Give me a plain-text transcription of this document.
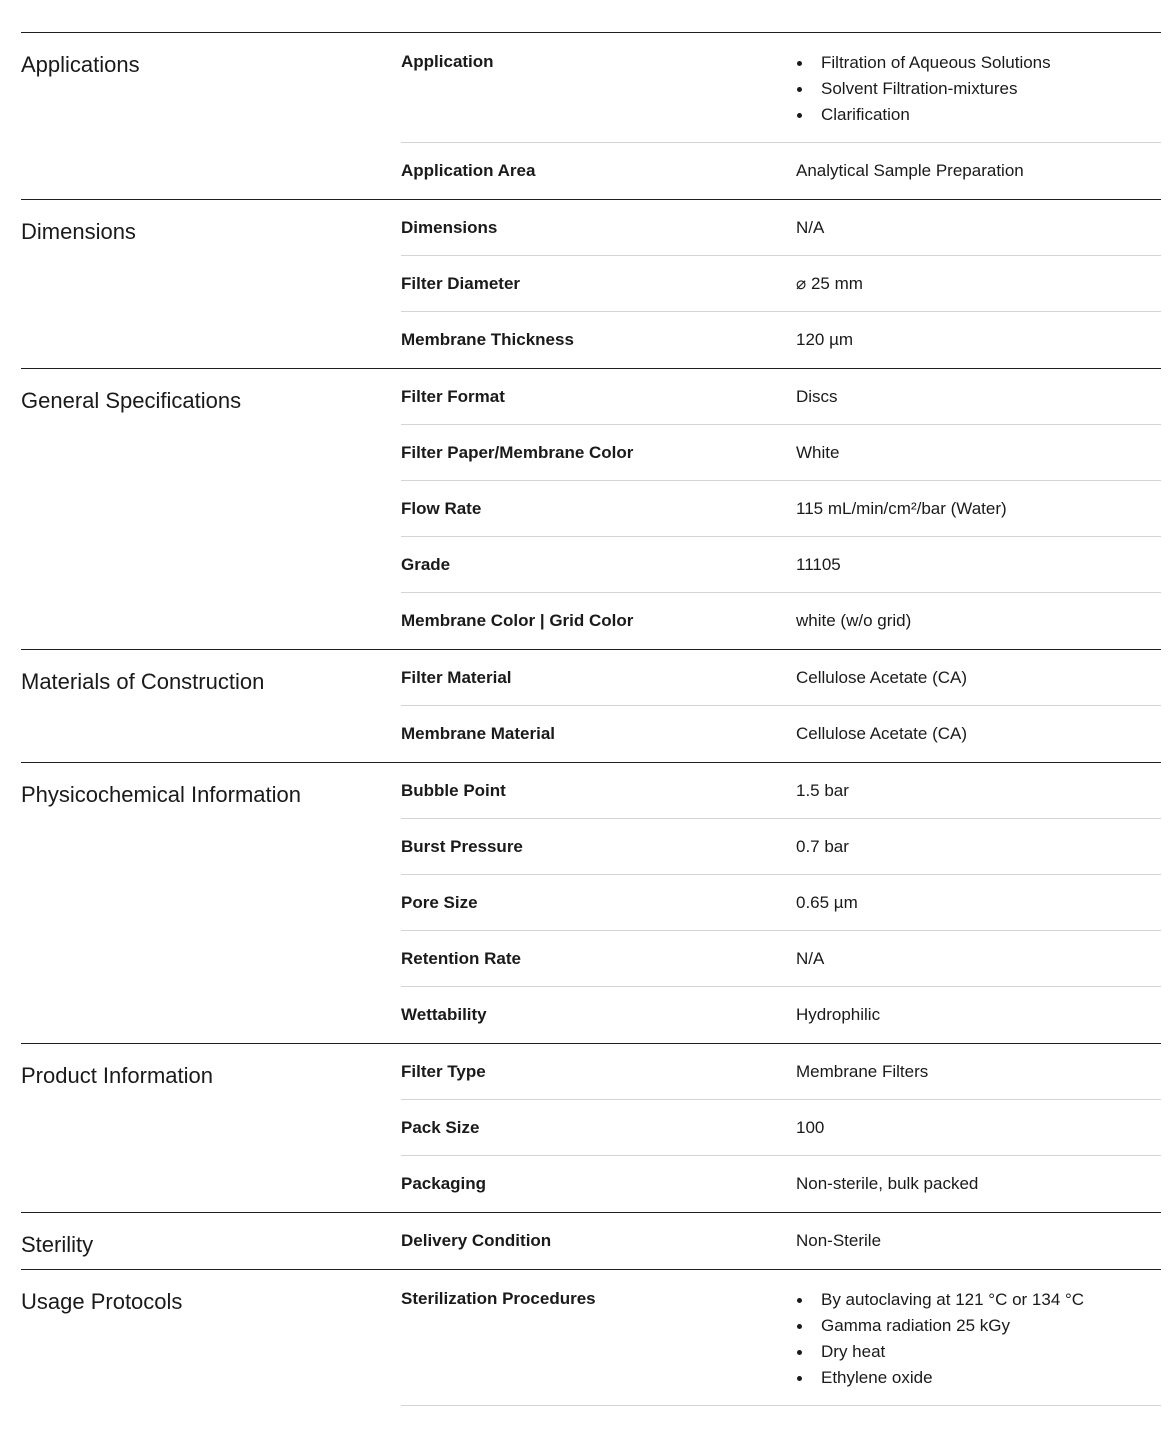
Applications	Application	Filtration of Aqueous Solutions
Solvent Filtration-mixtures
Clarification
Application Area	Analytical Sample Preparation
Dimensions	Dimensions	N/A
Filter Diameter	⌀ 25 mm
Membrane Thickness	120 µm
General Specifications	Filter Format	Discs
Filter Paper/Membrane Color	White
Flow Rate	115 mL/min/cm²/bar (Water)
Grade	11105
Membrane Color | Grid Color	white (w/o grid)
Materials of Construction	Filter Material	Cellulose Acetate (CA)
Membrane Material	Cellulose Acetate (CA)
Physicochemical Information	Bubble Point	1.5 bar
Burst Pressure	0.7 bar
Pore Size	0.65 µm
Retention Rate	N/A
Wettability	Hydrophilic
Product Information	Filter Type	Membrane Filters
Pack Size	100
Packaging	Non-sterile, bulk packed
Sterility	Delivery Condition	Non-Sterile
Usage Protocols	Sterilization Procedures	By autoclaving at 121 °C or 134 °C
Gamma radiation 25 kGy
Dry heat
Ethylene oxide
